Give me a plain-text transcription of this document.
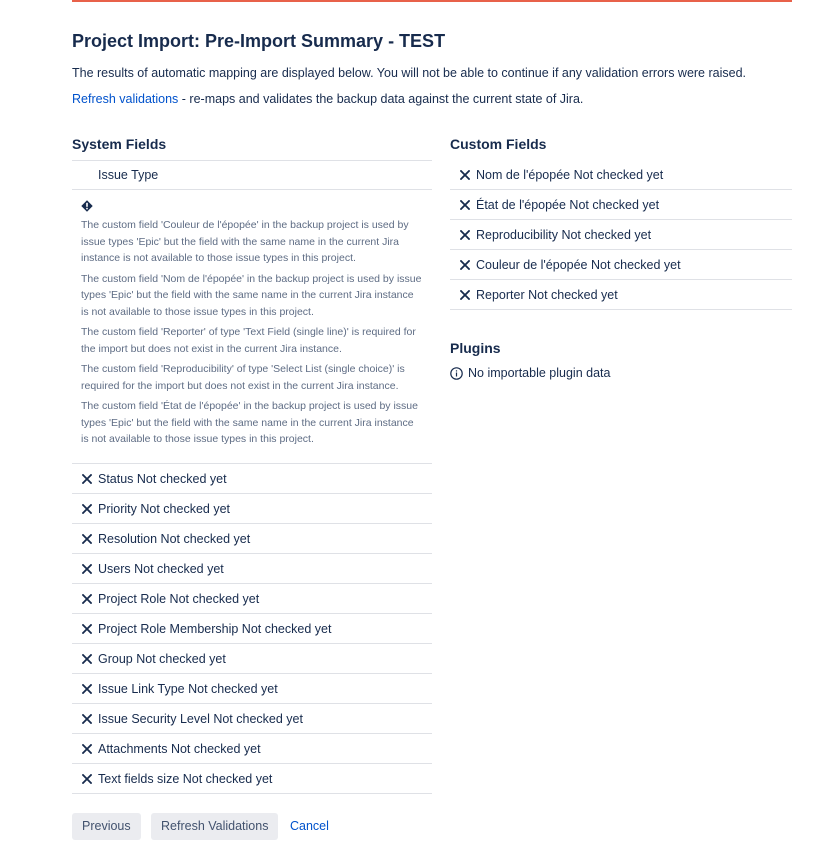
Project Import: Pre-Import Summary - TEST
The results of automatic mapping are displayed below. You will not be able to continue if any validation errors were raised.
Refresh validations - re-maps and validates the backup data against the current state of Jira.
System Fields	Custom Fields
Issue Type

The custom field 'Couleur de l'épopée' in the backup project is used by issue types 'Epic' but the field with the same name in the current Jira instance is not available to those issue types in this project.

The custom field 'Nom de l'épopée' in the backup project is used by issue types 'Epic' but the field with the same name in the current Jira instance is not available to those issue types in this project.

The custom field 'Reporter' of type 'Text Field (single line)' is required for the import but does not exist in the current Jira instance.

The custom field 'Reproducibility' of type 'Select List (single choice)' is required for the import but does not exist in the current Jira instance.

The custom field 'État de l'épopée' in the backup project is used by issue types 'Epic' but the field with the same name in the current Jira instance is not available to those issue types in this project.

Status Not checked yet
Priority Not checked yet
Resolution Not checked yet
Users Not checked yet
Project Role Not checked yet
Project Role Membership Not checked yet
Group Not checked yet
Issue Link Type Not checked yet
Issue Security Level Not checked yet
Attachments Not checked yet
Text fields size Not checked yet
Nom de l'épopée Not checked yet
État de l'épopée Not checked yet
Reproducibility Not checked yet
Couleur de l'épopée Not checked yet
Reporter Not checked yet
Plugins
No importable plugin data
Previous	Refresh Validations	Cancel
